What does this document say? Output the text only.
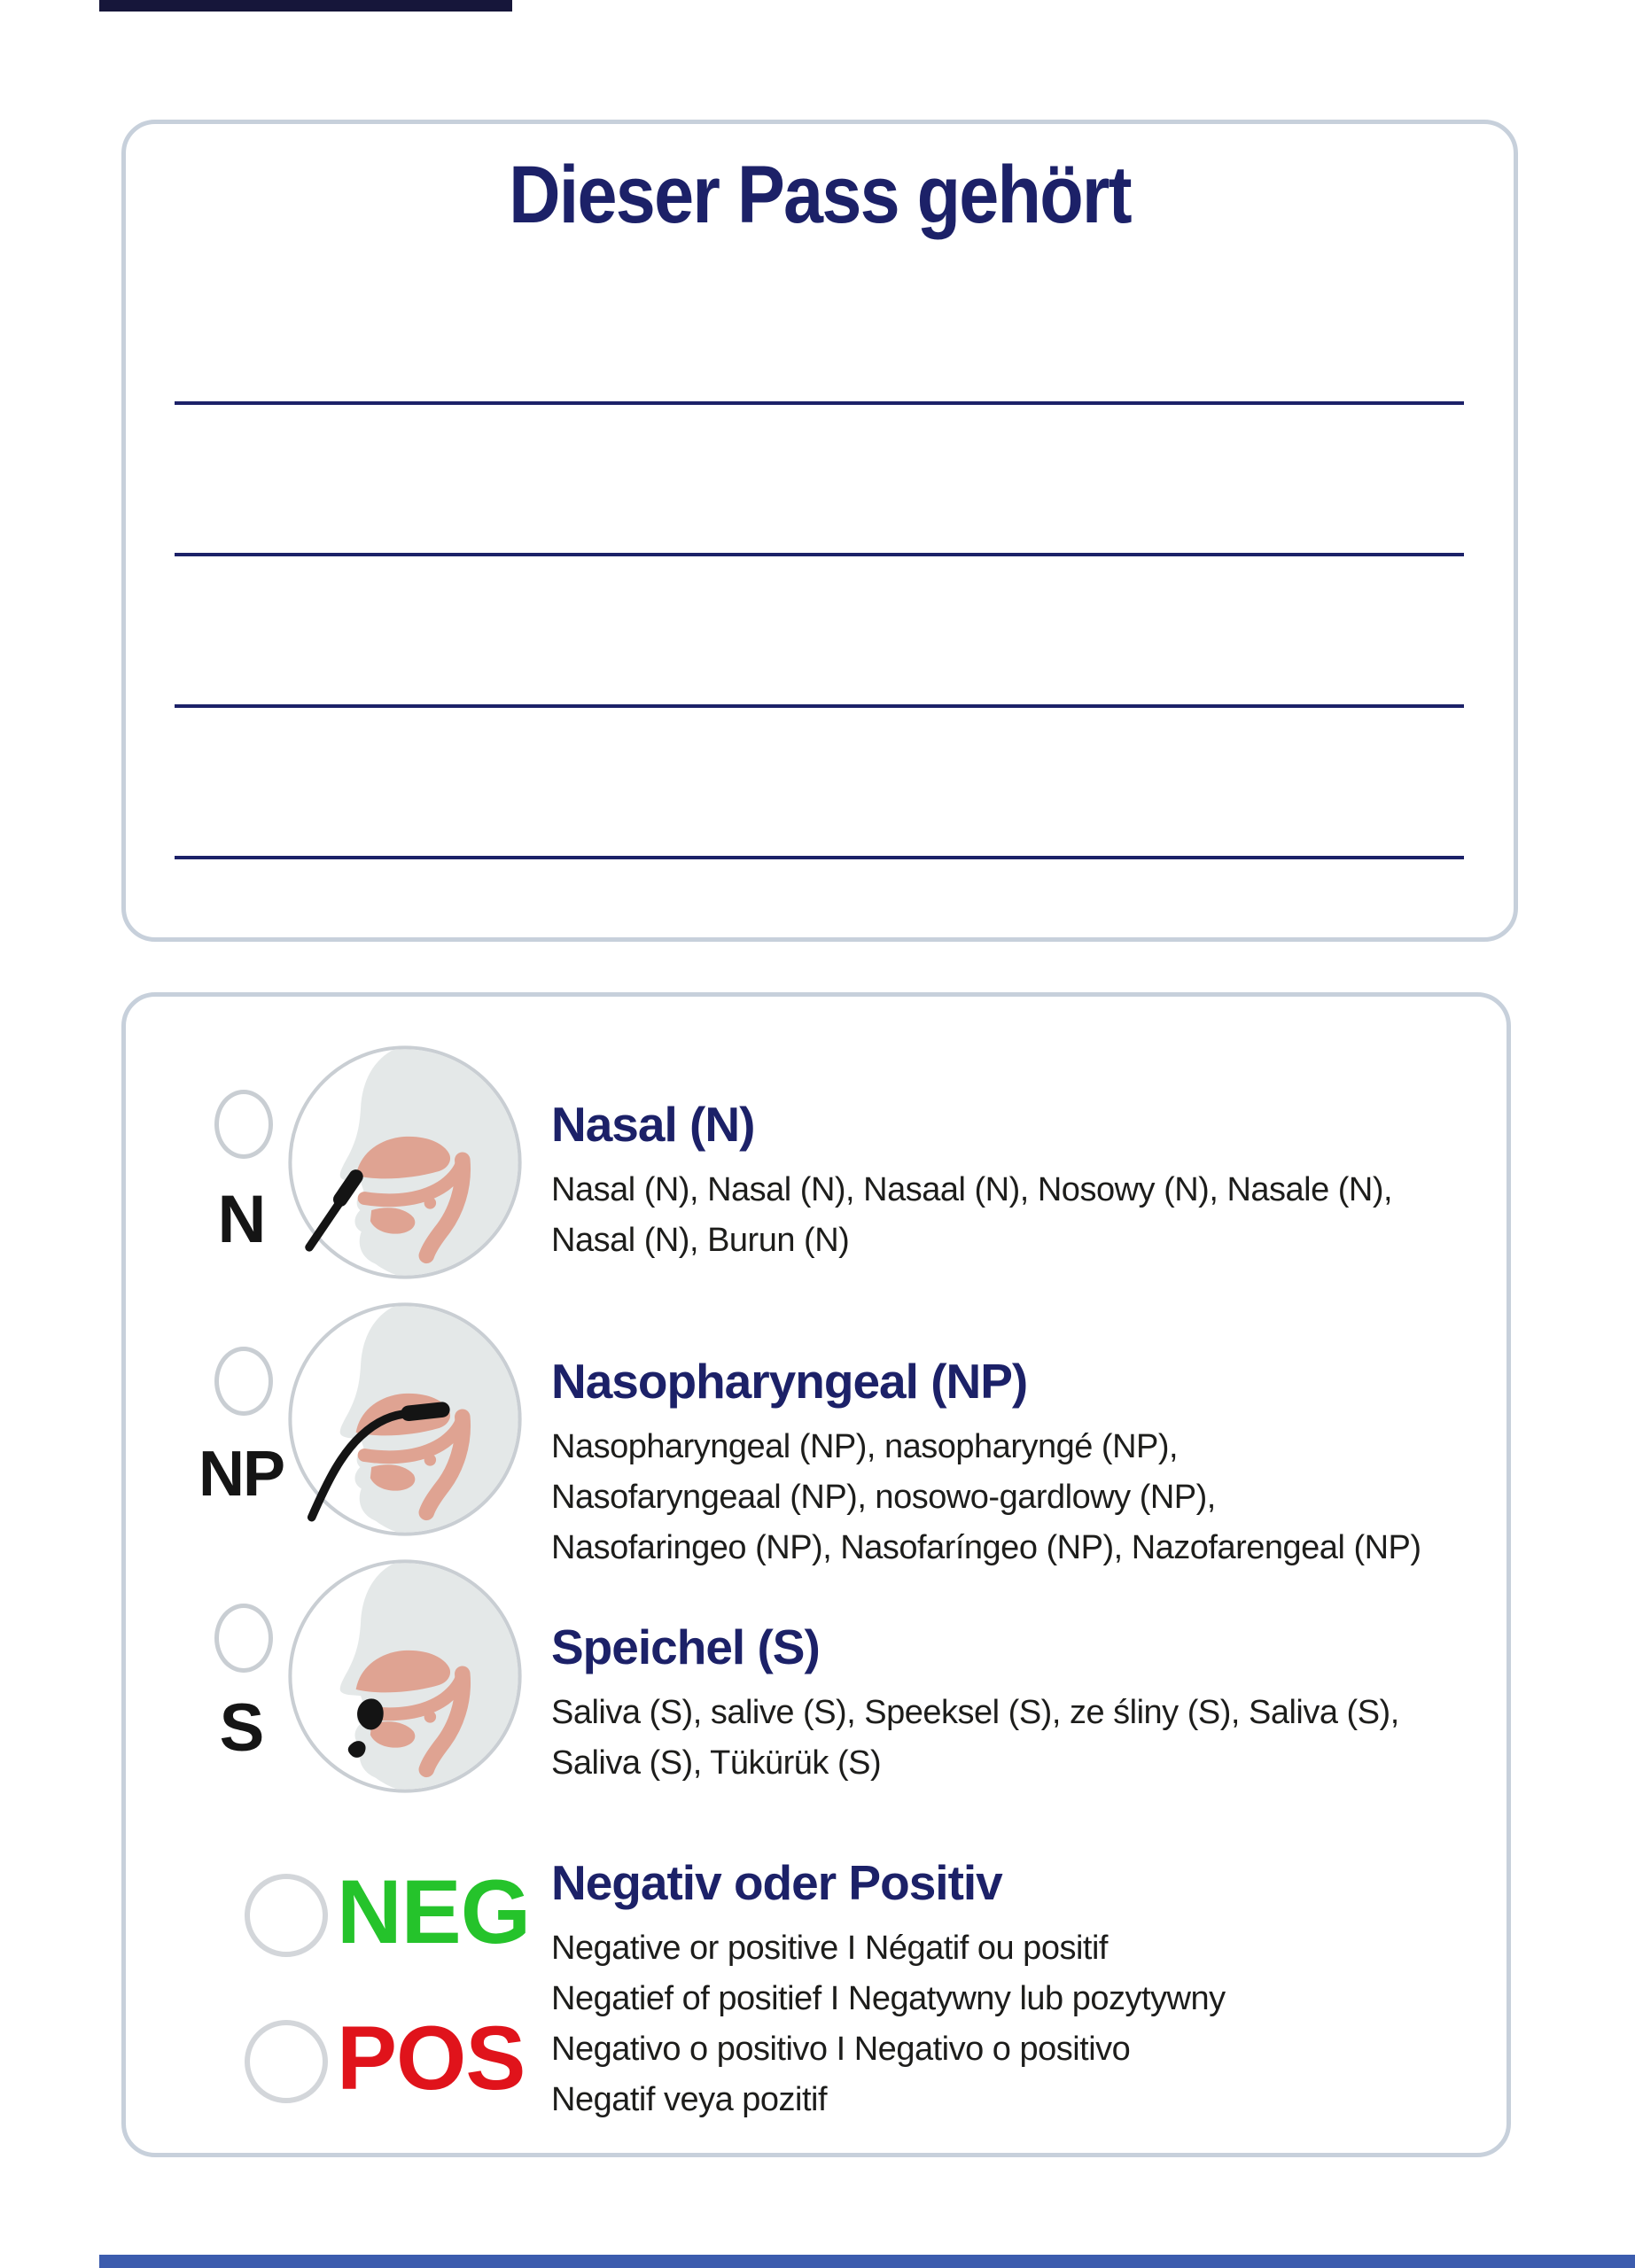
Dieser Pass gehört
N
Nasal (N)
Nasal (N), Nasal (N), Nasaal (N), Nosowy (N), Nasale (N),
Nasal (N), Burun (N)
NP
Nasopharyngeal (NP)
Nasopharyngeal (NP), nasopharyngé (NP),
Nasofaryngeaal (NP), nosowo-gardlowy (NP),
Nasofaringeo (NP), Nasofaríngeo (NP), Nazofarengeal (NP)
S
Speichel (S)
Saliva (S), salive (S), Speeksel (S), ze śliny (S), Saliva (S),
Saliva (S), Tükürük (S)
NEG
POS
Negativ oder Positiv
Negative or positive I Négatif ou positif
Negatief of positief I Negatywny lub pozytywny
Negativo o positivo I Negativo o positivo
Negatif veya pozitif
